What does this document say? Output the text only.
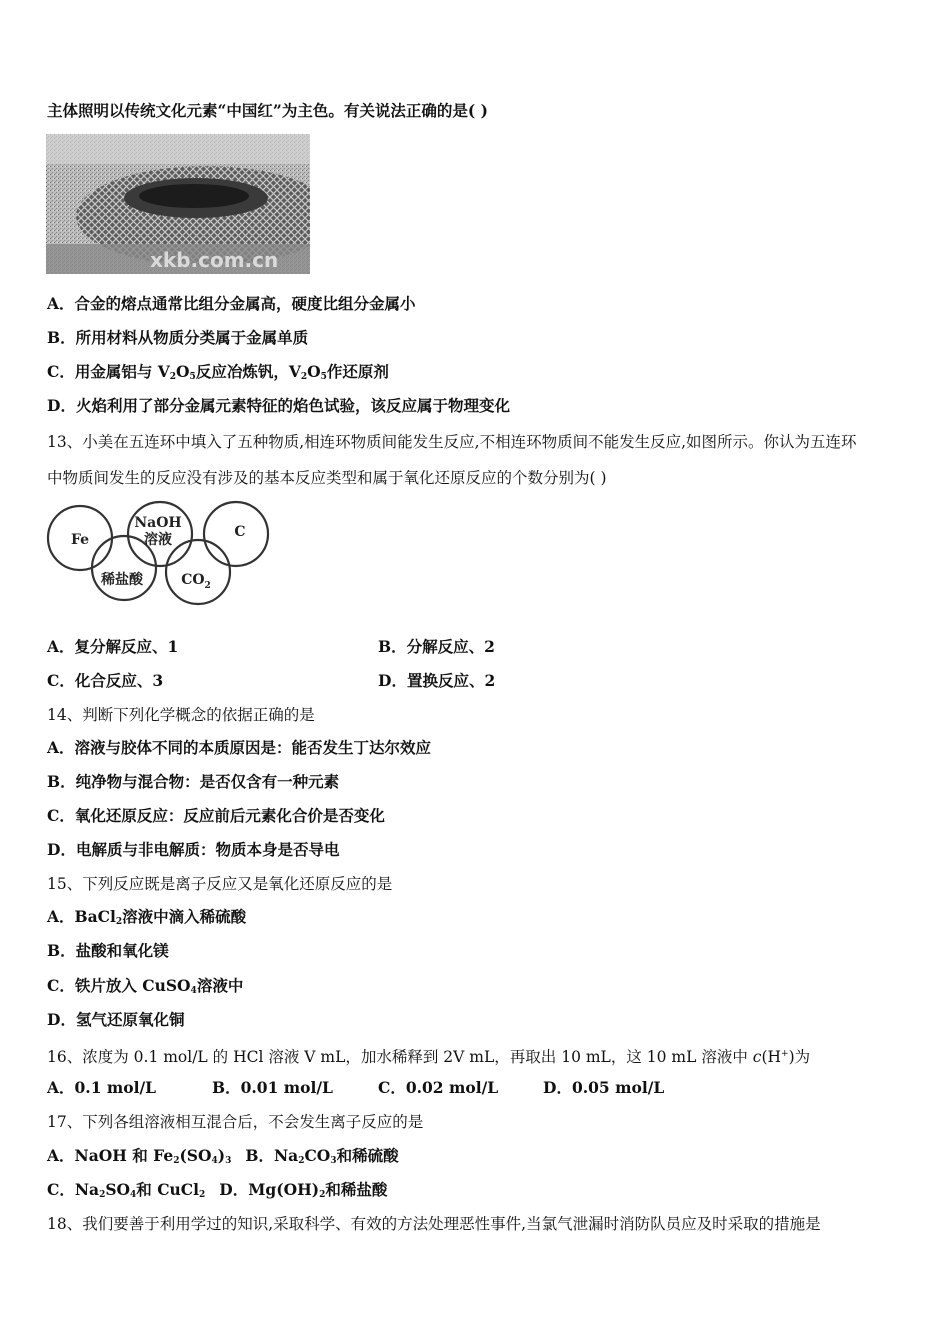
主体照明以传统文化元素“中国红”为主色。有关说法正确的是( )
xkb.com.cn
A．合金的熔点通常比组分金属高，硬度比组分金属小
B．所用材料从物质分类属于金属单质
C．用金属铝与 $V_2O_5$反应冶炼钒，$V_2O_5$作还原剂
D．火焰利用了部分金属元素特征的焰色试验，该反应属于物理变化
13、小美在五连环中填入了五种物质,相连环物质间能发生反应,不相连环物质间不能发生反应,如图所示。你认为五连环
中物质间发生的反应没有涉及的基本反应类型和属于氧化还原反应的个数分别为( )
Fe
NaOH
溶液	C
稀盐酸	$CO_2$
A．复分解反应、1	B．分解反应、2
C．化合反应、3	D．置换反应、2
14、判断下列化学概念的依据正确的是
A．溶液与胶体不同的本质原因是：能否发生丁达尔效应
B．纯净物与混合物：是否仅含有一种元素
C．氧化还原反应：反应前后元素化合价是否变化
D．电解质与非电解质：物质本身是否导电
15、下列反应既是离子反应又是氧化还原反应的是
A．BaCl$_2$溶液中滴入稀硫酸
B．盐酸和氧化镁
C．铁片放入 CuSO$_4$溶液中
D．氢气还原氧化铜
16、浓度为 0.1 mol/L 的 HCl 溶液 V mL，加水稀释到 2V mL，再取出 10 mL，这 10 mL 溶液中 c(H+)为
A．0.1 mol/L	B．0.01 mol/L	C．0.02 mol/L	D．0.05 mol/L
17、下列各组溶液相互混合后，不会发生离子反应的是
A．NaOH 和 $Fe_2(SO_4)_3$ B．$Na_2CO_3$和稀硫酸
C．$Na_2SO_4$和 CuCl$_2$ D．$Mg(OH)_2$和稀盐酸
18、我们要善于利用学过的知识,采取科学、有效的方法处理恶性事件,当氯气泄漏时消防队员应及时采取的措施是
